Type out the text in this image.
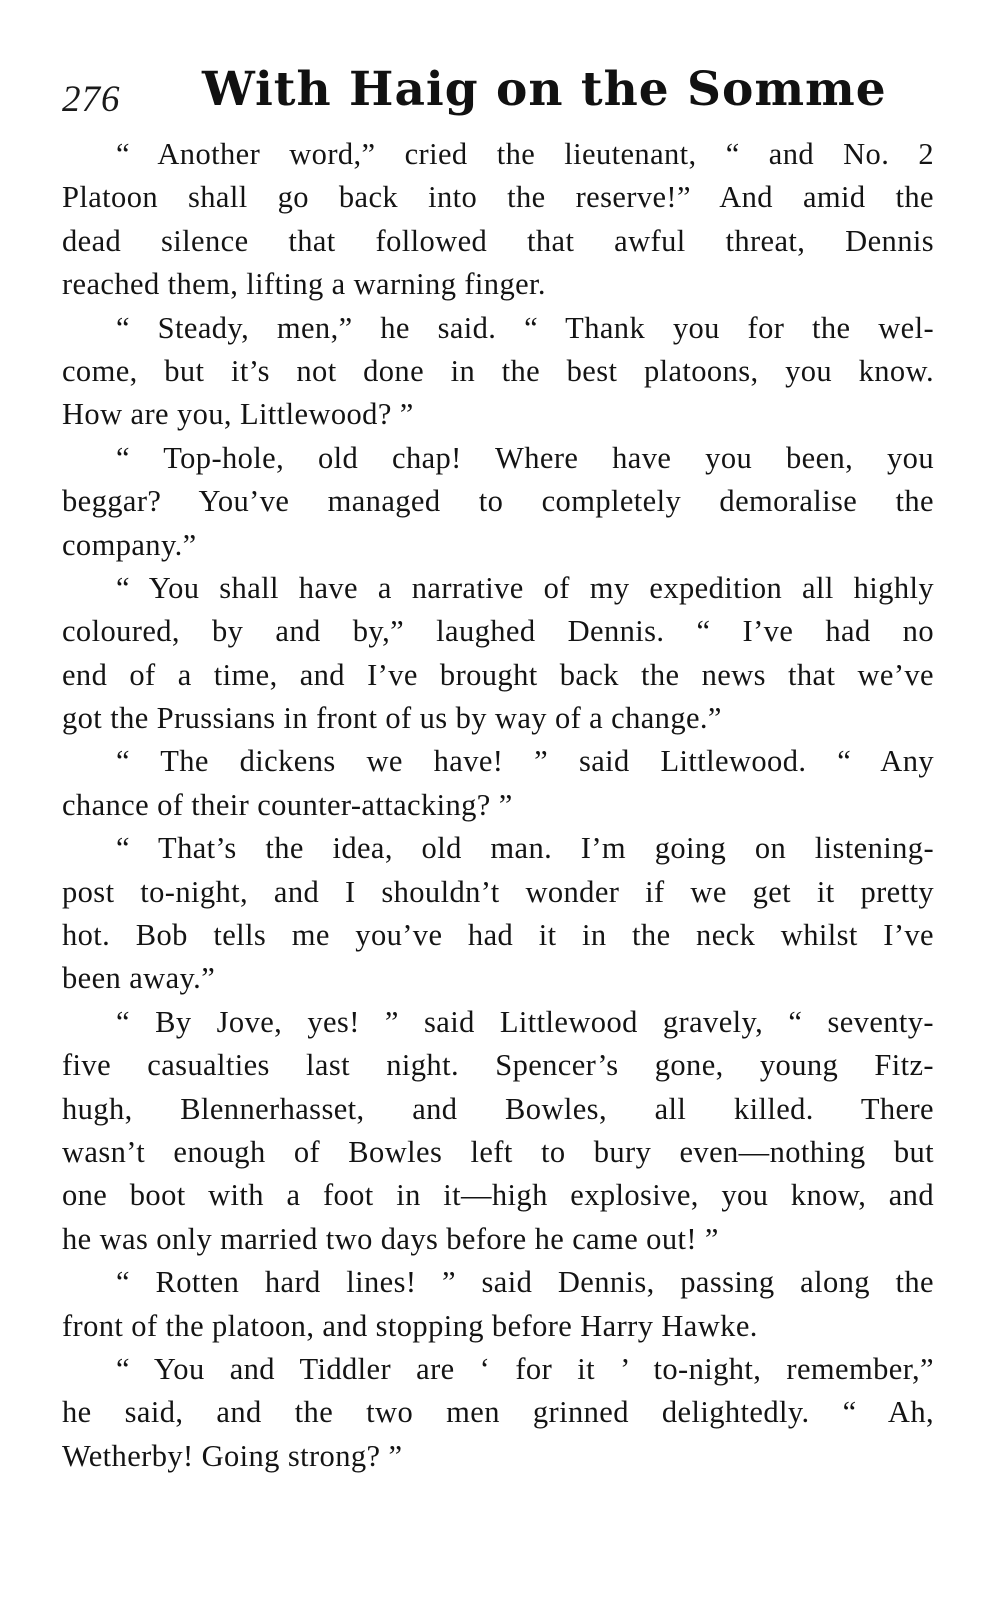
276 With Haig on the Somme
“ Another word,” cried the lieutenant, “ and No. 2
Platoon shall go back into the reserve!” And amid the
dead silence that followed that awful threat, Dennis
reached them, lifting a warning finger.
“ Steady, men,” he said. “ Thank you for the wel-
come, but it’s not done in the best platoons, you know.
How are you, Littlewood? ”
“ Top-hole, old chap! Where have you been, you
beggar? You’ve managed to completely demoralise the
company.”
“ You shall have a narrative of my expedition all highly
coloured, by and by,” laughed Dennis. “ I’ve had no
end of a time, and I’ve brought back the news that we’ve
got the Prussians in front of us by way of a change.”
“ The dickens we have! ” said Littlewood. “ Any
chance of their counter-attacking? ”
“ That’s the idea, old man. I’m going on listening-
post to-night, and I shouldn’t wonder if we get it pretty
hot. Bob tells me you’ve had it in the neck whilst I’ve
been away.”
“ By Jove, yes! ” said Littlewood gravely, “ seventy-
five casualties last night. Spencer’s gone, young Fitz-
hugh, Blennerhasset, and Bowles, all killed. There
wasn’t enough of Bowles left to bury even—nothing but
one boot with a foot in it—high explosive, you know, and
he was only married two days before he came out! ”
“ Rotten hard lines! ” said Dennis, passing along the
front of the platoon, and stopping before Harry Hawke.
“ You and Tiddler are ‘ for it ’ to-night, remember,”
he said, and the two men grinned delightedly. “ Ah,
Wetherby! Going strong? ”
